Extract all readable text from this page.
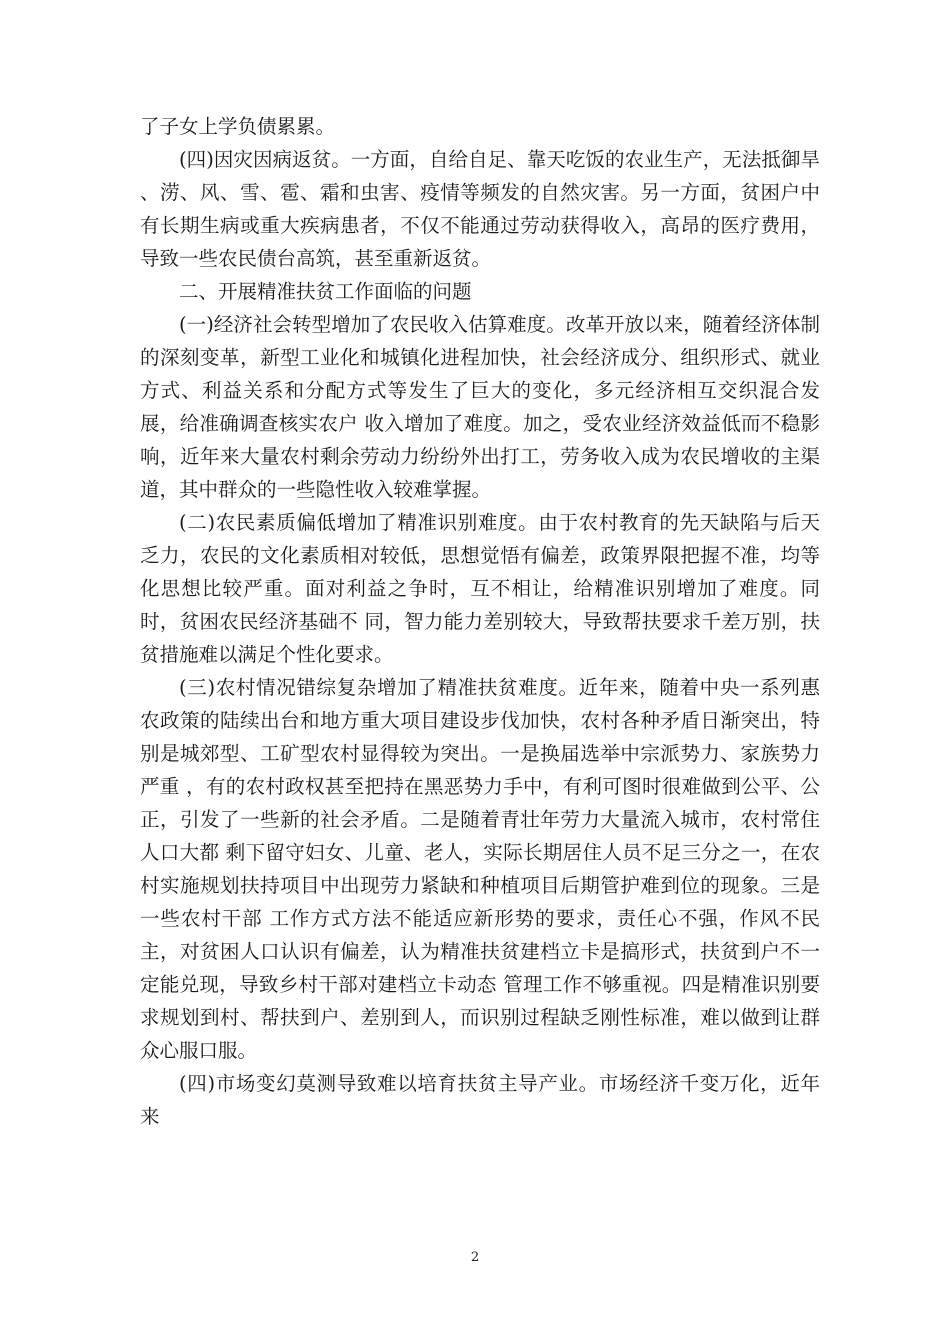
了子女上学负债累累。

(四)因灾因病返贫。一方面，自给自足、靠天吃饭的农业生产，无法抵御旱 、涝、风、雪、雹、霜和虫害、疫情等频发的自然灾害。另一方面，贫困户中有长期生病或重大疾病患者，不仅不能通过劳动获得收入，高昂的医疗费用，导致一些农民债台高筑，甚至重新返贫。

二、开展精准扶贫工作面临的问题

(一)经济社会转型增加了农民收入估算难度。改革开放以来，随着经济体制的深刻变革，新型工业化和城镇化进程加快，社会经济成分、组织形式、就业方式、利益关系和分配方式等发生了巨大的变化，多元经济相互交织混合发展，给准确调查核实农户 收入增加了难度。加之，受农业经济效益低而不稳影响，近年来大量农村剩余劳动力纷纷外出打工，劳务收入成为农民增收的主渠道，其中群众的一些隐性收入较难掌握。

(二)农民素质偏低增加了精准识别难度。由于农村教育的先天缺陷与后天 乏力，农民的文化素质相对较低，思想觉悟有偏差，政策界限把握不准，均等化思想比较严重。面对利益之争时，互不相让，给精准识别增加了难度。同时，贫困农民经济基础不 同，智力能力差别较大，导致帮扶要求千差万别，扶贫措施难以满足个性化要求。

(三)农村情况错综复杂增加了精准扶贫难度。近年来，随着中央一系列惠 农政策的陆续出台和地方重大项目建设步伐加快，农村各种矛盾日渐突出，特别是城郊型、工矿型农村显得较为突出。一是换届选举中宗派势力、家族势力严重 ，有的农村政权甚至把持在黑恶势力手中，有利可图时很难做到公平、公正，引发了一些新的社会矛盾。二是随着青壮年劳力大量流入城市，农村常住人口大都 剩下留守妇女、儿童、老人，实际长期居住人员不足三分之一，在农村实施规划扶持项目中出现劳力紧缺和种植项目后期管护难到位的现象。三是一些农村干部 工作方式方法不能适应新形势的要求，责任心不强，作风不民主，对贫困人口认识有偏差，认为精准扶贫建档立卡是搞形式，扶贫到户不一定能兑现，导致乡村干部对建档立卡动态 管理工作不够重视。四是精准识别要求规划到村、帮扶到户、差别到人，而识别过程缺乏刚性标准，难以做到让群众心服口服。

(四)市场变幻莫测导致难以培育扶贫主导产业。市场经济千变万化，近年 来

2
